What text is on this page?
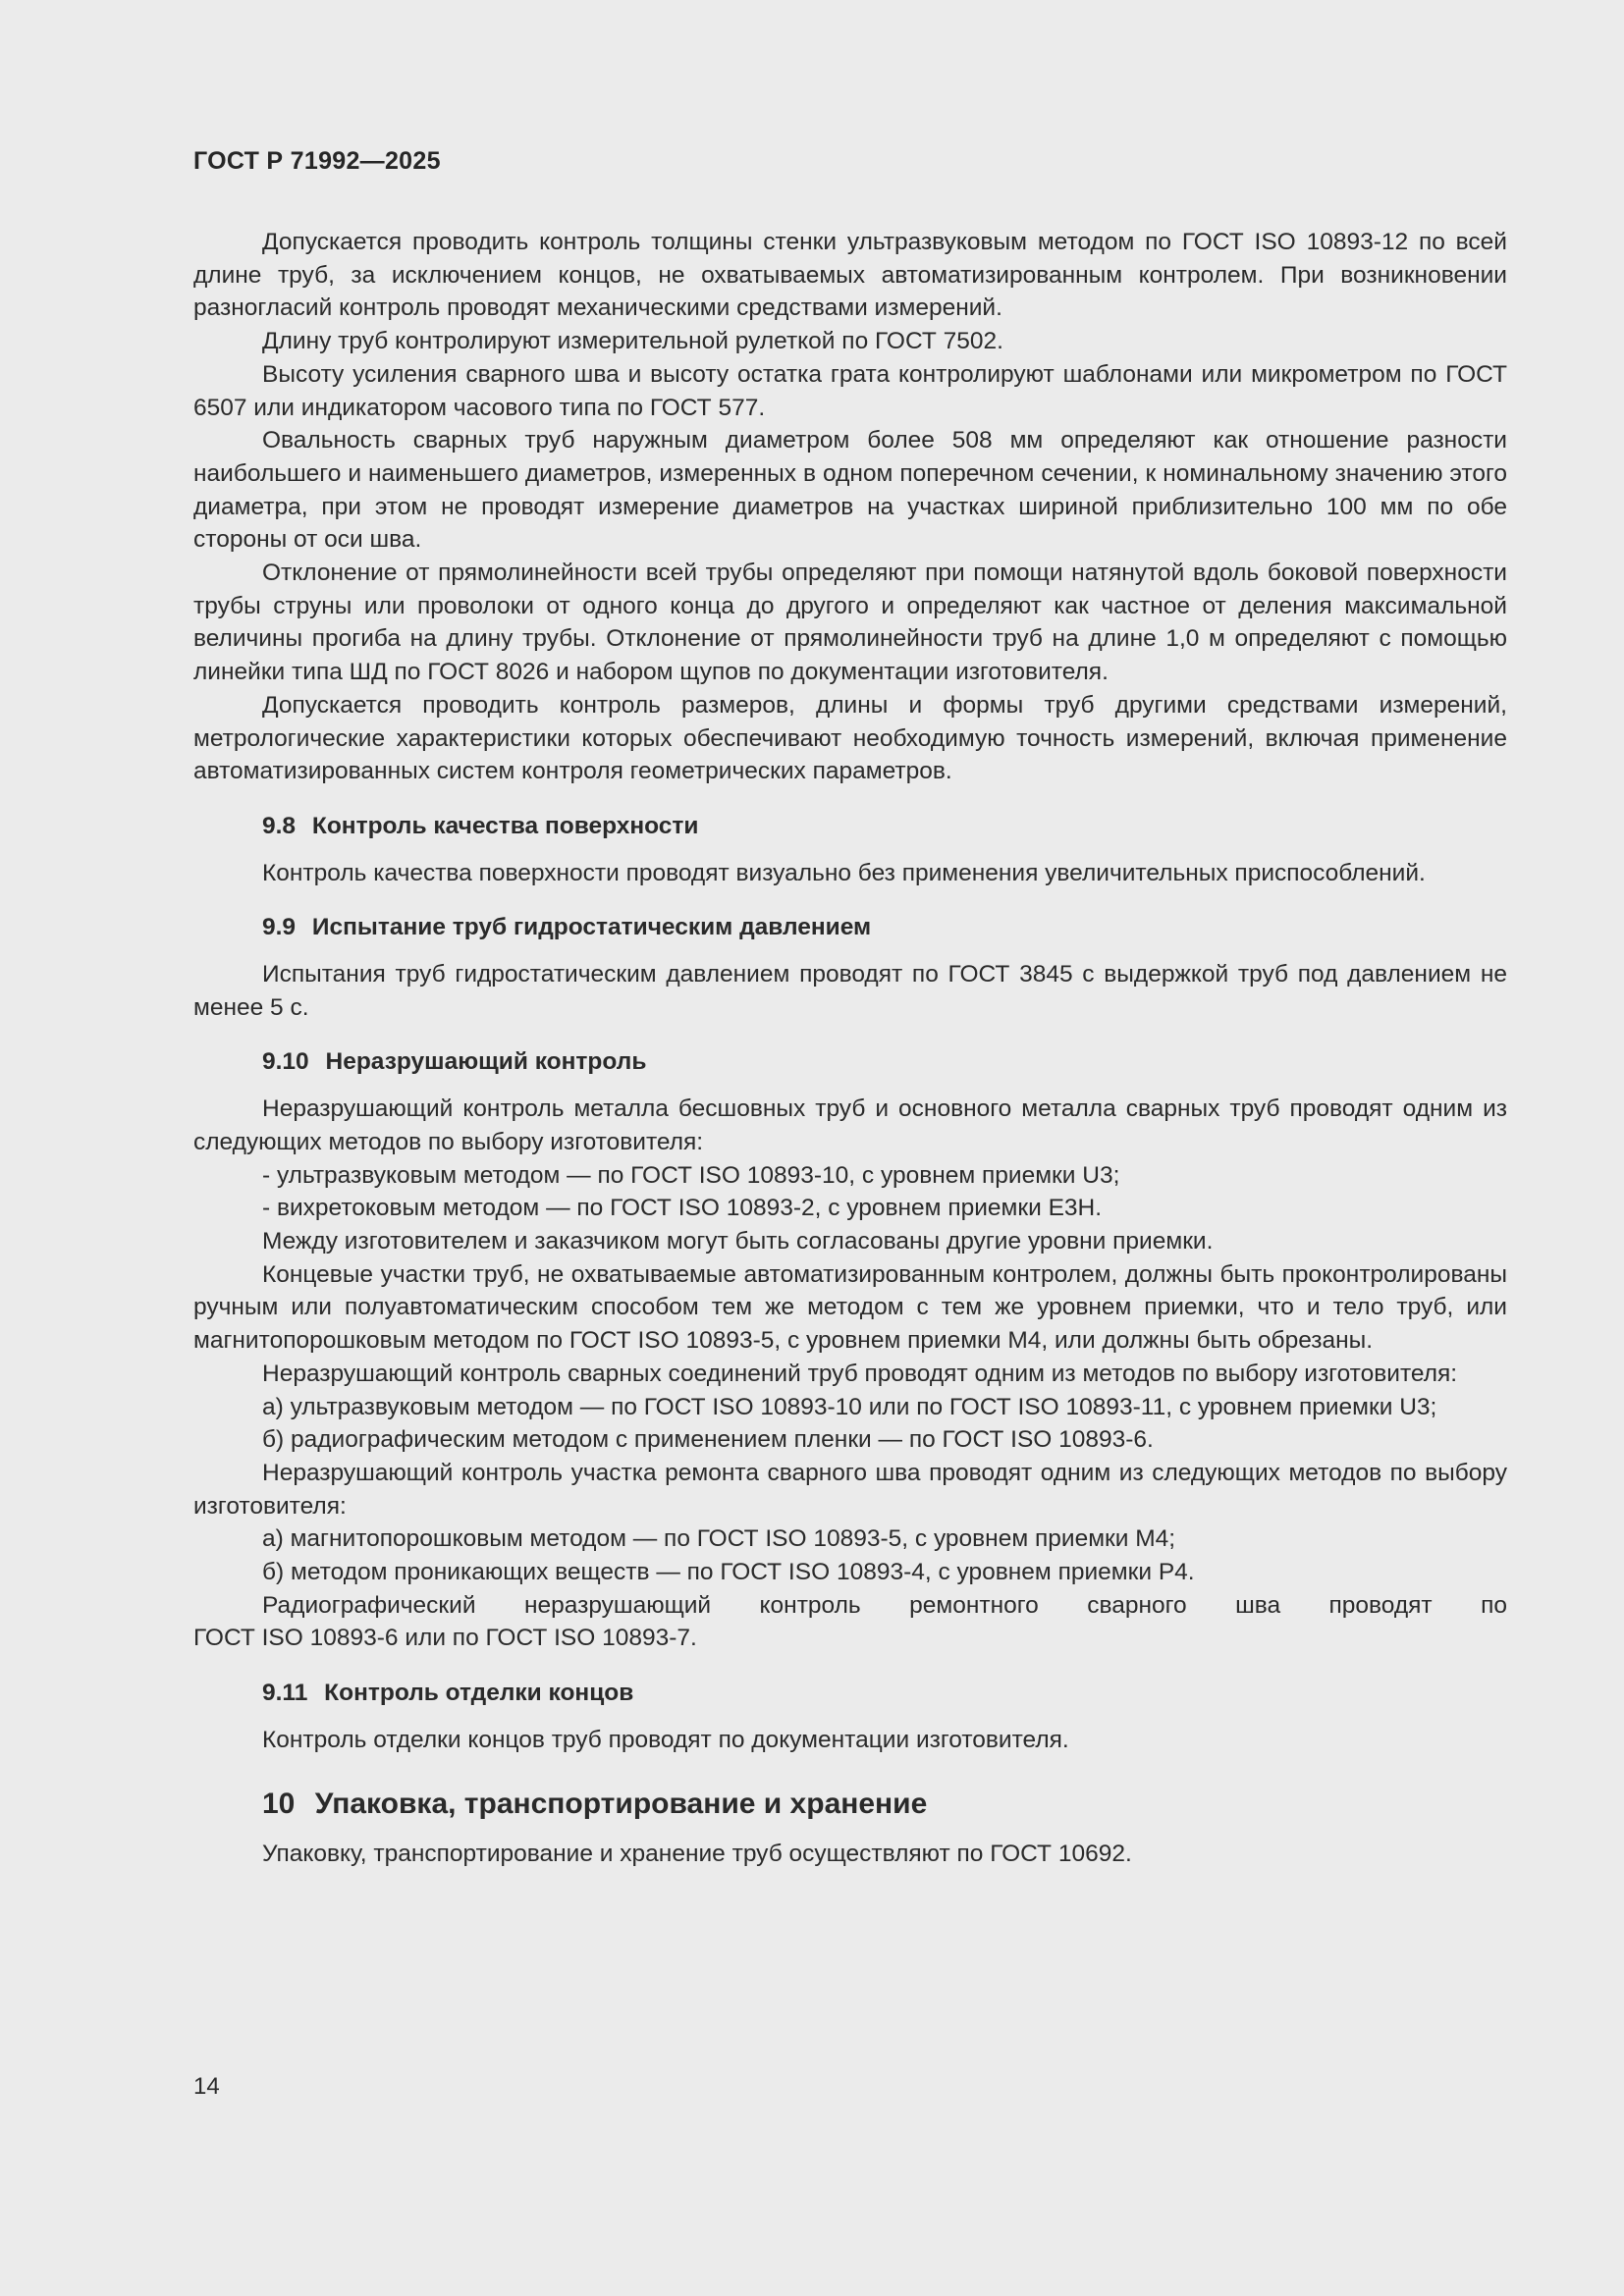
ГОСТ Р 71992—2025

Допускается проводить контроль толщины стенки ультразвуковым методом по ГОСТ ISO 10893-12 по всей длине труб, за исключением концов, не охватываемых автоматизированным контролем. При возникновении разногласий контроль проводят механическими средствами измерений.

Длину труб контролируют измерительной рулеткой по ГОСТ 7502.

Высоту усиления сварного шва и высоту остатка грата контролируют шаблонами или микрометром по ГОСТ 6507 или индикатором часового типа по ГОСТ 577.

Овальность сварных труб наружным диаметром более 508 мм определяют как отношение разности наибольшего и наименьшего диаметров, измеренных в одном поперечном сечении, к номинальному значению этого диаметра, при этом не проводят измерение диаметров на участках шириной приблизительно 100 мм по обе стороны от оси шва.

Отклонение от прямолинейности всей трубы определяют при помощи натянутой вдоль боковой поверхности трубы струны или проволоки от одного конца до другого и определяют как частное от деления максимальной величины прогиба на длину трубы. Отклонение от прямолинейности труб на длине 1,0 м определяют с помощью линейки типа ШД по ГОСТ 8026 и набором щупов по документации изготовителя.

Допускается проводить контроль размеров, длины и формы труб другими средствами измерений, метрологические характеристики которых обеспечивают необходимую точность измерений, включая применение автоматизированных систем контроля геометрических параметров.

9.8 Контроль качества поверхности

Контроль качества поверхности проводят визуально без применения увеличительных приспособлений.

9.9 Испытание труб гидростатическим давлением

Испытания труб гидростатическим давлением проводят по ГОСТ 3845 с выдержкой труб под давлением не менее 5 с.

9.10 Неразрушающий контроль

Неразрушающий контроль металла бесшовных труб и основного металла сварных труб проводят одним из следующих методов по выбору изготовителя:

- ультразвуковым методом — по ГОСТ ISO 10893-10, с уровнем приемки U3;

- вихретоковым методом — по ГОСТ ISO 10893-2, с уровнем приемки E3H.

Между изготовителем и заказчиком могут быть согласованы другие уровни приемки.

Концевые участки труб, не охватываемые автоматизированным контролем, должны быть проконтролированы ручным или полуавтоматическим способом тем же методом с тем же уровнем приемки, что и тело труб, или магнитопорошковым методом по ГОСТ ISO 10893-5, с уровнем приемки M4, или должны быть обрезаны.

Неразрушающий контроль сварных соединений труб проводят одним из методов по выбору изготовителя:

а) ультразвуковым методом — по ГОСТ ISO 10893-10 или по ГОСТ ISO 10893-11, с уровнем приемки U3;

б) радиографическим методом с применением пленки — по ГОСТ ISO 10893-6.

Неразрушающий контроль участка ремонта сварного шва проводят одним из следующих методов по выбору изготовителя:

а) магнитопорошковым методом — по ГОСТ ISO 10893-5, с уровнем приемки M4;

б) методом проникающих веществ — по ГОСТ ISO 10893-4, с уровнем приемки P4.

Радиографический неразрушающий контроль ремонтного сварного шва проводят по

ГОСТ ISO 10893-6 или по ГОСТ ISO 10893-7.

9.11 Контроль отделки концов

Контроль отделки концов труб проводят по документации изготовителя.

10 Упаковка, транспортирование и хранение

Упаковку, транспортирование и хранение труб осуществляют по ГОСТ 10692.

14
